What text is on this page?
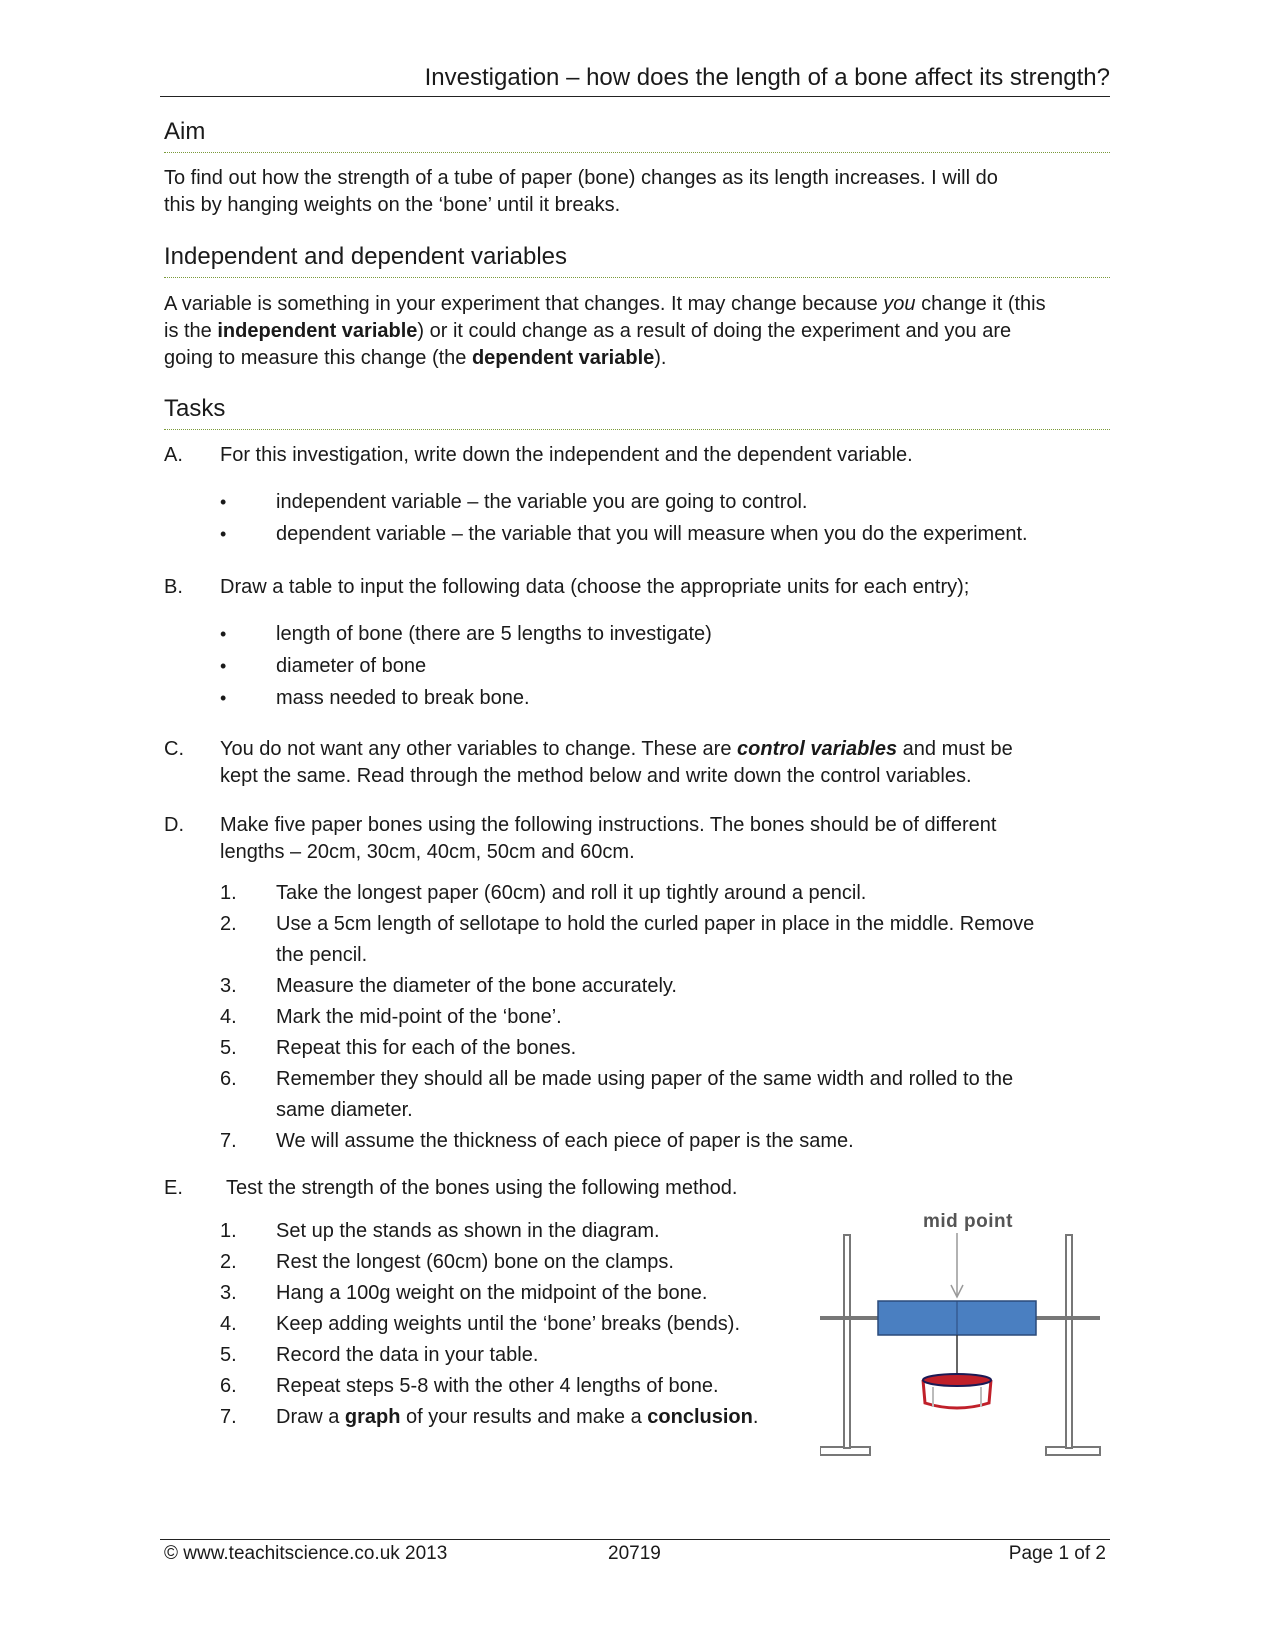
Investigation – how does the length of a bone affect its strength?
Aim
To find out how the strength of a tube of paper (bone) changes as its length increases. I will do
this by hanging weights on the ‘bone’ until it breaks.
Independent and dependent variables
A variable is something in your experiment that changes. It may change because you change it (this
is the independent variable) or it could change as a result of doing the experiment and you are
going to measure this change (the dependent variable).
Tasks
A. For this investigation, write down the independent and the dependent variable.
• independent variable – the variable you are going to control.
• dependent variable – the variable that you will measure when you do the experiment.
B. Draw a table to input the following data (choose the appropriate units for each entry);
• length of bone (there are 5 lengths to investigate)
• diameter of bone
• mass needed to break bone.
C. You do not want any other variables to change. These are control variables and must be
kept the same. Read through the method below and write down the control variables.
D. Make five paper bones using the following instructions. The bones should be of different
lengths – 20cm, 30cm, 40cm, 50cm and 60cm.
1. Take the longest paper (60cm) and roll it up tightly around a pencil.
2. Use a 5cm length of sellotape to hold the curled paper in place in the middle. Remove
the pencil.
3. Measure the diameter of the bone accurately.
4. Mark the mid-point of the ‘bone’.
5. Repeat this for each of the bones.
6. Remember they should all be made using paper of the same width and rolled to the
same diameter.
7. We will assume the thickness of each piece of paper is the same.
E. Test the strength of the bones using the following method.
1. Set up the stands as shown in the diagram.
2. Rest the longest (60cm) bone on the clamps.
3. Hang a 100g weight on the midpoint of the bone.
4. Keep adding weights until the ‘bone’ breaks (bends).
5. Record the data in your table.
6. Repeat steps 5-8 with the other 4 lengths of bone.
7. Draw a graph of your results and make a conclusion.
mid point
© www.teachitscience.co.uk 2013	20719	Page 1 of 2
